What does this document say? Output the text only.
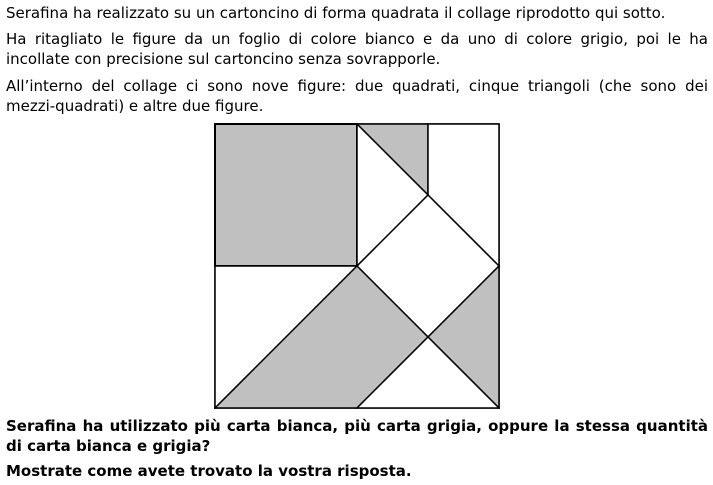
Serafina ha realizzato su un cartoncino di forma quadrata il collage riprodotto qui sotto.

Ha ritagliato le figure da un foglio di colore bianco e da uno di colore grigio, poi le ha incollate con precisione sul cartoncino senza sovrapporle.

All’interno del collage ci sono nove figure: due quadrati, cinque triangoli (che sono dei mezzi-quadrati) e altre due figure.

Serafina ha utilizzato più carta bianca, più carta grigia, oppure la stessa quantità di carta bianca e grigia?

Mostrate come avete trovato la vostra risposta.
